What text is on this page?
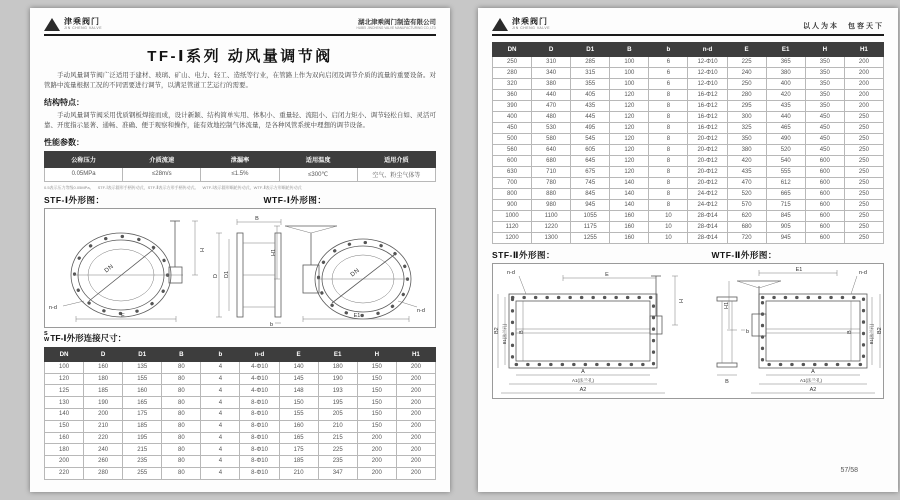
津乘阀门
JIN CHENG VALVE
湖北津乘阀门制造有限公司
HUBEI JINCHENG VALVE MANUFACTURING CO.,LTD
TF-Ⅰ系列 动风量调节阀

手动风量调节阀广泛适用于建材、玻璃、矿山、电力、轻工、造纸等行业，在管路上作为双向启闭及调节介质的流量的重要设备。对管路中流量根据工况的不同需要进行调节，以满足管道工艺运行的需要。

结构特点：

手动风量调节阀采用优质钢板焊接而成，设计新颖、结构简单实用、体积小、重量轻、流阻小、启闭力矩小、调节轻松自如、灵活可靠、开度指示显著、通畅、准确、便于观察和操作，能有效地控制气体流量，是各种风管系统中理想的调节设备。

性能参数：
公称压力	介质流速	泄漏率	适用温度	适用介质
0.05MPa	≤28m/s	≤1.5%	≤300℃	空气、粉尘气体等
0.5表示压力等级0.05MPa。　STF-Ⅰ表示圆形手柄传动式，STF-Ⅱ表示方形手柄传动式。　WTF-Ⅰ表示圆形蜗轮传动式，WTF-Ⅱ表示方形蜗轮传动式
STF-Ⅰ外形图：	WTF-Ⅰ外形图：
DN
H
E
n-d
D D1
B
b
DN
H1
E1
n-d
S
W TF-Ⅰ外形连接尺寸：
DN	D	D1	B	b	n-d	E	E1	H	H1
100	160	135	80	4	4-Φ10	140	180	150	200
120	180	155	80	4	4-Φ10	145	190	150	200
125	185	160	80	4	4-Φ10	148	193	150	200
130	190	165	80	4	8-Φ10	150	195	150	200
140	200	175	80	4	8-Φ10	155	205	150	200
150	210	185	80	4	8-Φ10	160	210	150	200
160	220	195	80	4	8-Φ10	165	215	200	200
180	240	215	80	4	8-Φ10	175	225	200	200
200	260	235	80	4	8-Φ10	185	235	200	200
220	280	255	80	4	8-Φ10	210	347	200	200
津乘阀门
JIN CHENG VALVE	以人为本　包容天下
DN	D	D1	B	b	n-d	E	E1	H	H1
250	310	285	100	6	12-Φ10	225	365	350	200
280	340	315	100	6	12-Φ10	240	380	350	200
320	380	355	100	6	12-Φ10	250	400	350	200
360	440	405	120	8	16-Φ12	280	420	350	200
390	470	435	120	8	16-Φ12	295	435	350	200
400	480	445	120	8	16-Φ12	300	440	450	250
450	530	495	120	8	16-Φ12	325	465	450	250
500	580	545	120	8	20-Φ12	350	490	450	250
560	640	605	120	8	20-Φ12	380	520	450	250
600	680	645	120	8	20-Φ12	420	540	600	250
630	710	675	120	8	20-Φ12	435	555	600	250
700	780	745	140	8	20-Φ12	470	612	600	250
800	880	845	140	8	24-Φ12	520	665	600	250
900	980	945	140	8	24-Φ12	570	715	600	250
1000	1100	1055	160	10	28-Φ14	620	845	600	250
1120	1220	1175	160	10	28-Φ14	680	905	600	250
1200	1300	1255	160	10	28-Φ14	720	945	600	250
STF-Ⅱ外形图：	WTF-Ⅱ外形图：
E
n-d
H
B2 B1(法兰孔) B
A
A1(法兰孔)
A2
b
B
E1
H1
n-d
B	B1(法兰孔) B2
A
A1(法兰孔)
A2
57/58
